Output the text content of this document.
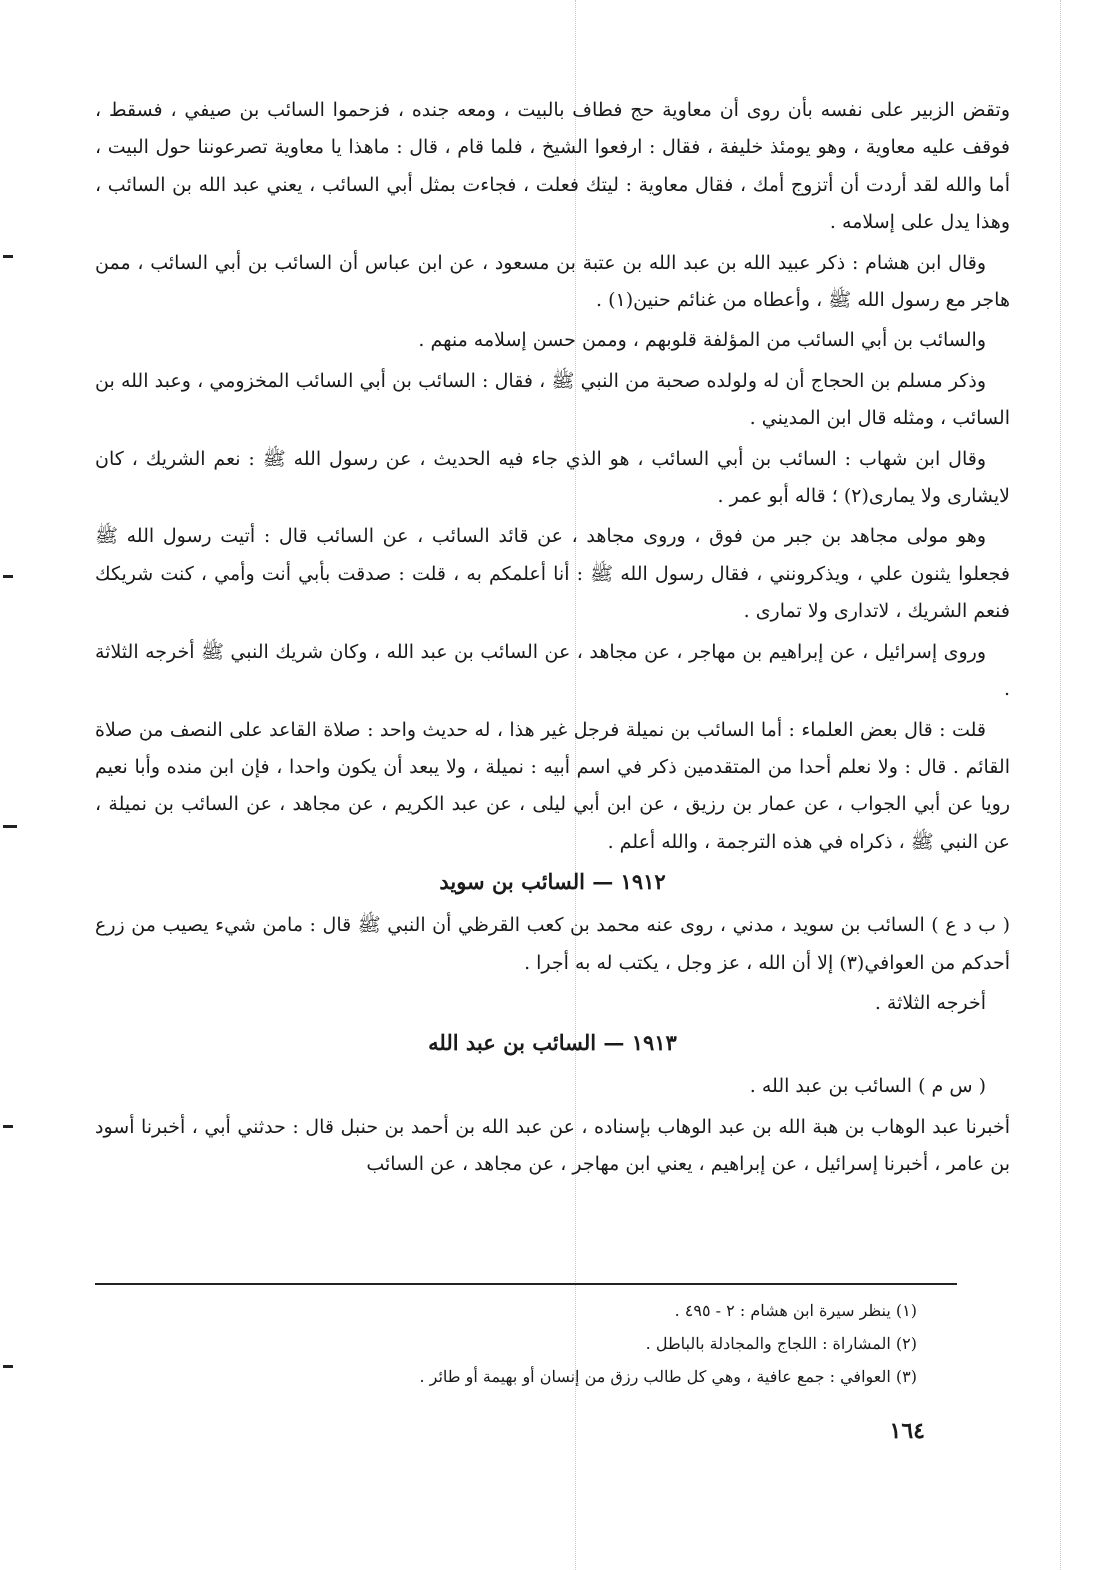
وتقض الزبير على نفسه بأن روى أن معاوية حج فطاف بالبيت ، ومعه جنده ، فزحموا السائب بن صيفي ، فسقط ، فوقف عليه معاوية ، وهو يومئذ خليفة ، فقال : ارفعوا الشيخ ، فلما قام ، قال : ماهذا يا معاوية تصرعوننا حول البيت ، أما والله لقد أردت أن أتزوج أمك ، فقال معاوية : ليتك فعلت ، فجاءت بمثل أبي السائب ، يعني عبد الله بن السائب ، وهذا يدل على إسلامه .

وقال ابن هشام : ذكر عبيد الله بن عبد الله بن عتبة بن مسعود ، عن ابن عباس أن السائب بن أبي السائب ، ممن هاجر مع رسول الله ﷺ ، وأعطاه من غنائم حنين(١) .

والسائب بن أبي السائب من المؤلفة قلوبهم ، وممن حسن إسلامه منهم .

وذكر مسلم بن الحجاج أن له ولولده صحبة من النبي ﷺ ، فقال : السائب بن أبي السائب المخزومي ، وعبد الله بن السائب ، ومثله قال ابن المديني .

وقال ابن شهاب : السائب بن أبي السائب ، هو الذي جاء فيه الحديث ، عن رسول الله ﷺ : نعم الشريك ، كان لايشارى ولا يمارى(٢) ؛ قاله أبو عمر .

وهو مولى مجاهد بن جبر من فوق ، وروى مجاهد ، عن قائد السائب ، عن السائب قال : أتيت رسول الله ﷺ فجعلوا يثنون علي ، ويذكرونني ، فقال رسول الله ﷺ : أنا أعلمكم به ، قلت : صدقت بأبي أنت وأمي ، كنت شريكك فنعم الشريك ، لاتدارى ولا تمارى .

وروى إسرائيل ، عن إبراهيم بن مهاجر ، عن مجاهد ، عن السائب بن عبد الله ، وكان شريك النبي ﷺ أخرجه الثلاثة .

قلت : قال بعض العلماء : أما السائب بن نميلة فرجل غير هذا ، له حديث واحد : صلاة القاعد على النصف من صلاة القائم . قال : ولا نعلم أحدا من المتقدمين ذكر في اسم أبيه : نميلة ، ولا يبعد أن يكون واحدا ، فإن ابن منده وأبا نعيم رويا عن أبي الجواب ، عن عمار بن رزيق ، عن ابن أبي ليلى ، عن عبد الكريم ، عن مجاهد ، عن السائب بن نميلة ، عن النبي ﷺ ، ذكراه في هذه الترجمة ، والله أعلم .

١٩١٢ — السائب بن سويد

( ب د ع ) السائب بن سويد ، مدني ، روى عنه محمد بن كعب القرظي أن النبي ﷺ قال : مامن شيء يصيب من زرع أحدكم من العوافي(٣) إلا أن الله ، عز وجل ، يكتب له به أجرا .

أخرجه الثلاثة .

١٩١٣ — السائب بن عبد الله

( س م ) السائب بن عبد الله .

أخبرنا عبد الوهاب بن هبة الله بن عبد الوهاب بإسناده ، عن عبد الله بن أحمد بن حنبل قال : حدثني أبي ، أخبرنا أسود بن عامر ، أخبرنا إسرائيل ، عن إبراهيم ، يعني ابن مهاجر ، عن مجاهد ، عن السائب

(١) ينظر سيرة ابن هشام : ٢ - ٤٩٥ .

(٢) المشاراة : اللجاج والمجادلة بالباطل .

(٣) العوافي : جمع عافية ، وهي كل طالب رزق من إنسان أو بهيمة أو طائر .

١٦٤
